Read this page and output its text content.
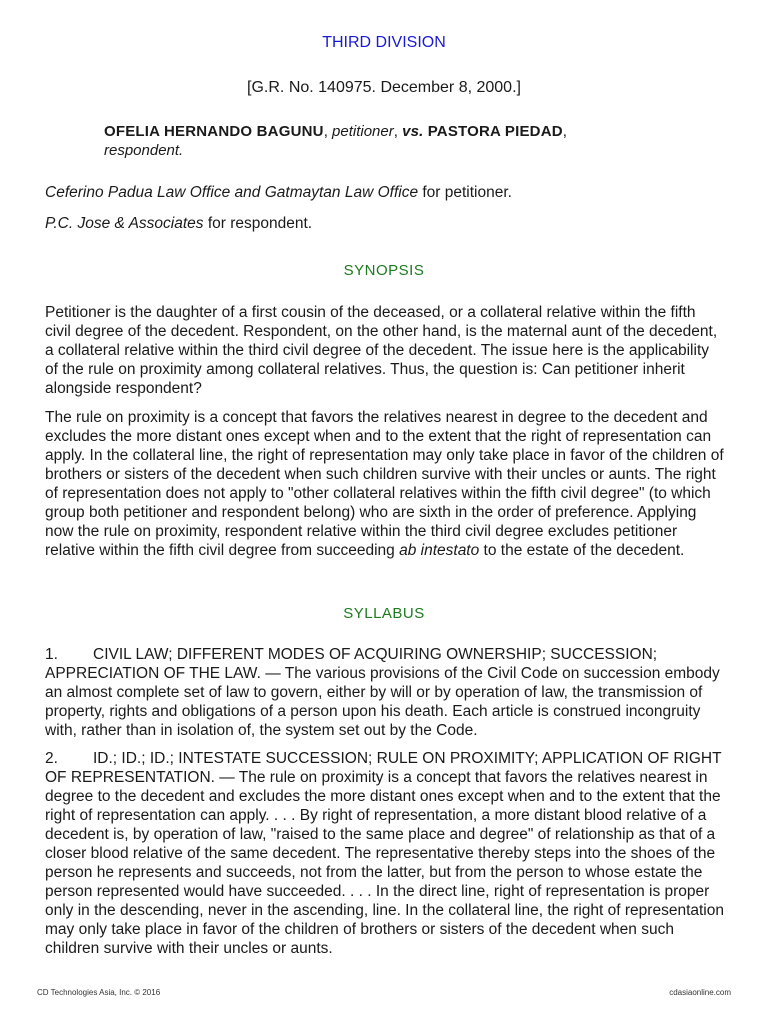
THIRD DIVISION
[G.R. No. 140975. December 8, 2000.]
OFELIA HERNANDO BAGUNU, petitioner, vs. PASTORA PIEDAD,
respondent.
Ceferino Padua Law Office and Gatmaytan Law Office for petitioner.
P.C. Jose & Associates for respondent.
SYNOPSIS

Petitioner is the daughter of a first cousin of the deceased, or a collateral relative within the fifth civil degree of the decedent. Respondent, on the other hand, is the maternal aunt of the decedent, a collateral relative within the third civil degree of the decedent. The issue here is the applicability of the rule on proximity among collateral relatives. Thus, the question is: Can petitioner inherit alongside respondent?

The rule on proximity is a concept that favors the relatives nearest in degree to the decedent and excludes the more distant ones except when and to the extent that the right of representation can apply. In the collateral line, the right of representation may only take place in favor of the children of brothers or sisters of the decedent when such children survive with their uncles or aunts. The right of representation does not apply to "other collateral relatives within the fifth civil degree" (to which group both petitioner and respondent belong) who are sixth in the order of preference. Applying now the rule on proximity, respondent relative within the third civil degree excludes petitioner relative within the fifth civil degree from succeeding ab intestato to the estate of the decedent.

SYLLABUS

1. CIVIL LAW; DIFFERENT MODES OF ACQUIRING OWNERSHIP; SUCCESSION; APPRECIATION OF THE LAW. — The various provisions of the Civil Code on succession embody an almost complete set of law to govern, either by will or by operation of law, the transmission of property, rights and obligations of a person upon his death. Each article is construed incongruity with, rather than in isolation of, the system set out by the Code.

2. ID.; ID.; ID.; INTESTATE SUCCESSION; RULE ON PROXIMITY; APPLICATION OF RIGHT OF REPRESENTATION. — The rule on proximity is a concept that favors the relatives nearest in degree to the decedent and excludes the more distant ones except when and to the extent that the right of representation can apply. . . . By right of representation, a more distant blood relative of a decedent is, by operation of law, "raised to the same place and degree" of relationship as that of a closer blood relative of the same decedent. The representative thereby steps into the shoes of the person he represents and succeeds, not from the latter, but from the person to whose estate the person represented would have succeeded. . . . In the direct line, right of representation is proper only in the descending, never in the ascending, line. In the collateral line, the right of representation may only take place in favor of the children of brothers or sisters of the decedent when such children survive with their uncles or aunts.

CD Technologies Asia, Inc. © 2016	cdasiaonline.com
